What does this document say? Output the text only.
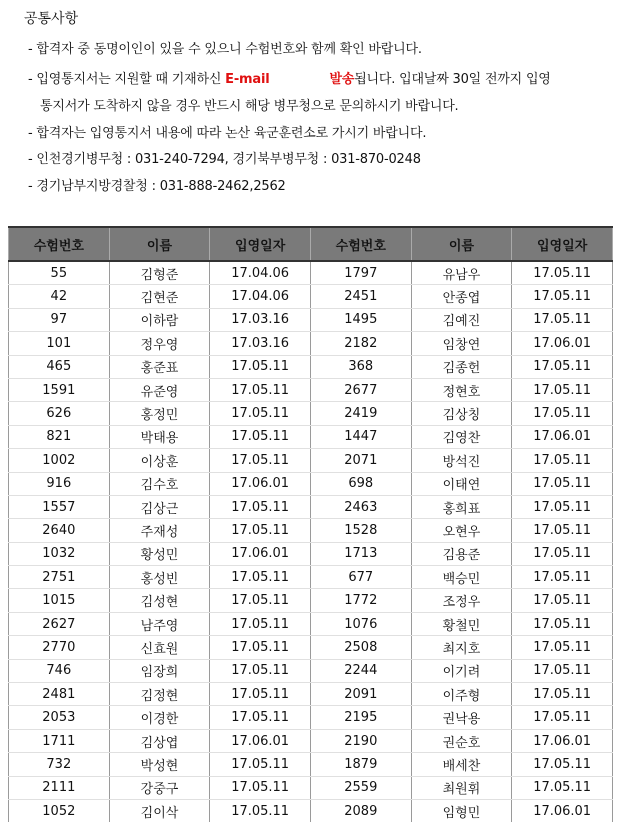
공통사항
- 합격자 중 동명이인이 있을 수 있으니 수험번호와 함께 확인 바랍니다.
- 입영통지서는 지원할 때 기재하신 E-mail	발송됩니다. 입대날짜 30일 전까지 입영
통지서가 도착하지 않을 경우 반드시 해당 병무청으로 문의하시기 바랍니다.
- 합격자는 입영통지서 내용에 따라 논산 육군훈련소로 가시기 바랍니다.
- 인천경기병무청 : 031-240-7294, 경기북부병무청 : 031-870-0248
- 경기남부지방경찰청 : 031-888-2462,2562
수험번호	이름	입영일자	수험번호	이름	입영일자
55	김형준	17.04.06	1797	유남우	17.05.11
42	김현준	17.04.06	2451	안종엽	17.05.11
97	이하람	17.03.16	1495	김예진	17.05.11
101	정우영	17.03.16	2182	임창연	17.06.01
465	홍준표	17.05.11	368	김종헌	17.05.11
1591	유준영	17.05.11	2677	정현호	17.05.11
626	홍정민	17.05.11	2419	김상칭	17.05.11
821	박태용	17.05.11	1447	김영찬	17.06.01
1002	이상훈	17.05.11	2071	방석진	17.05.11
916	김수호	17.06.01	698	이태연	17.05.11
1557	김상근	17.05.11	2463	홍희표	17.05.11
2640	주재성	17.05.11	1528	오현우	17.05.11
1032	황성민	17.06.01	1713	김용준	17.05.11
2751	홍성빈	17.05.11	677	백승민	17.05.11
1015	김성현	17.05.11	1772	조정우	17.05.11
2627	남주영	17.05.11	1076	황철민	17.05.11
2770	신효원	17.05.11	2508	최지호	17.05.11
746	임장희	17.05.11	2244	이기려	17.05.11
2481	김정현	17.05.11	2091	이주형	17.05.11
2053	이경한	17.05.11	2195	권낙용	17.05.11
1711	김상엽	17.06.01	2190	권순호	17.06.01
732	박성현	17.05.11	1879	배세찬	17.05.11
2111	강중구	17.05.11	2559	최원휘	17.05.11
1052	김이삭	17.05.11	2089	임형민	17.06.01
